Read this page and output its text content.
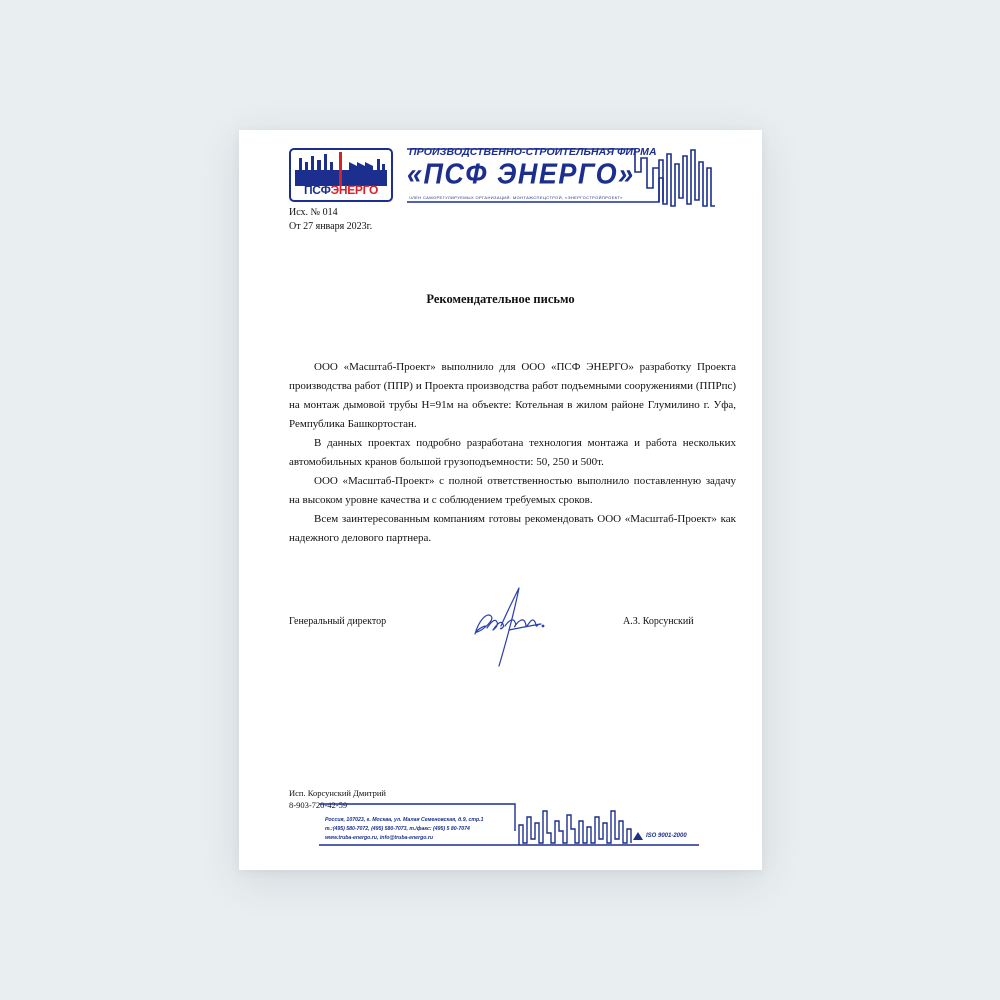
ПСФЭНЕРГО
ПРОИЗВОДСТВЕННО-СТРОИТЕЛЬНАЯ ФИРМА
«ПСФ ЭНЕРГО»
ЧЛЕН САМОРЕГУЛИРУЕМЫХ ОРГАНИЗАЦИЙ: МОНТАЖСПЕЦСТРОЙ, «ЭНЕРГОСТРОЙПРОЕКТ»
Исх. № 014
От 27 января 2023г.
Рекомендательное письмо

ООО «Масштаб-Проект» выполнило для ООО «ПСФ ЭНЕРГО» разработку Проекта производства работ (ППР) и Проекта производства работ подъемными сооружениями (ППРпс) на монтаж дымовой трубы Н=91м на объекте: Котельная в жилом районе Глумилино г. Уфа, Ремпублика Башкортостан.

В данных проектах подробно разработана технология монтажа и работа нескольких автомобильных кранов большой грузоподъемности: 50, 250 и 500т.

ООО «Масштаб-Проект» с полной ответственностью выполнило поставленную задачу на высоком уровне качества и с соблюдением требуемых сроков.

Всем заинтересованным компаниям готовы рекомендовать ООО «Масштаб-Проект» как надежного делового партнера.

Генеральный директор	А.З. Корсунский
Исп. Корсунский Дмитрий
8-903-720-42-59
ISO 9001-2000
Россия, 107023, г. Москва, ул. Малая Семеновская, д.9, стр.1
т.:(495) 580-7072, (495) 580-7073, т./факс: (495) 5 80-7074
www.truba-energo.ru, info@truba-energo.ru
